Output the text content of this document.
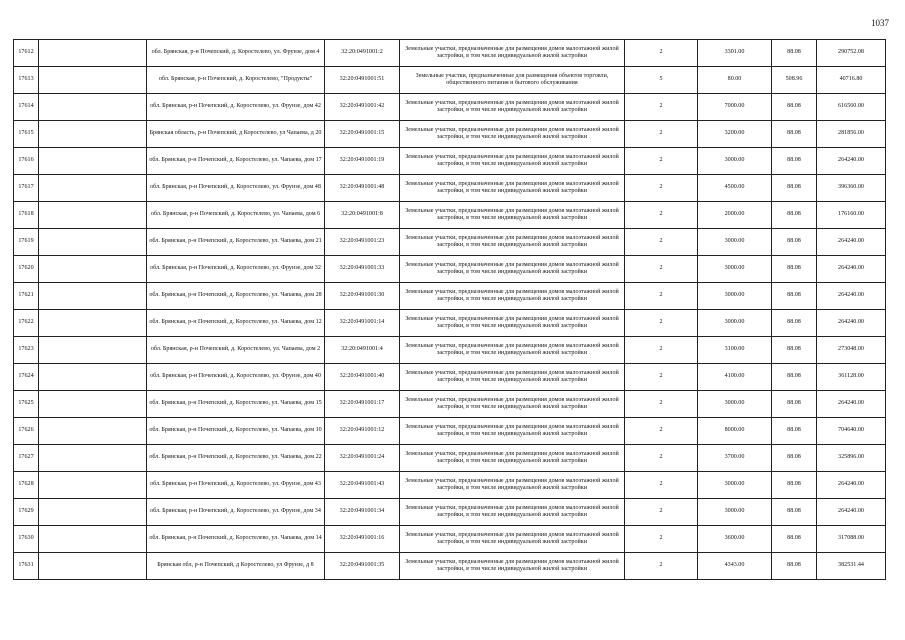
1037
17612		обл. Брянская, р-н Почепский, д. Коростелево, ул. Фрунзе, дом 4	32:20:0491001:2	Земельные участки, предназначенные для размещения домов малоэтажной жилой застройки, в том числе индивидуальной жилой застройки	2	3301.00	88.08	290752.08
17613		обл. Брянская, р-н Почепский, д. Коростелево, "Продукты"	32:20:0491001:51	Земельные участки, предназначенные для размещения объектов торговли, общественного питания и бытового обслуживания	5	80.00	508.96	40716.80
17614		обл. Брянская, р-н Почепский, д. Коростелево, ул. Фрунзе, дом 42	32:20:0491001:42	Земельные участки, предназначенные для размещения домов малоэтажной жилой застройки, в том числе индивидуальной жилой застройки	2	7000.00	88.08	616560.00
17615		Брянская область, р-н Почепский, д Коростелево, ул Чапаева, д 20	32:20:0491001:15	Земельные участки, предназначенные для размещения домов малоэтажной жилой застройки, в том числе индивидуальной жилой застройки	2	3200.00	88.08	281856.00
17616		обл. Брянская, р-н Почепский, д. Коростелево, ул. Чапаева, дом 17	32:20:0491001:19	Земельные участки, предназначенные для размещения домов малоэтажной жилой застройки, в том числе индивидуальной жилой застройки	2	3000.00	88.08	264240.00
17617		обл. Брянская, р-н Почепский, д. Коростелево, ул. Фрунзе, дом 48	32:20:0491001:48	Земельные участки, предназначенные для размещения домов малоэтажной жилой застройки, в том числе индивидуальной жилой застройки	2	4500.00	88.08	396360.00
17618		обл. Брянская, р-н Почепский, д. Коростелево, ул. Чапаева, дом 6	32:20:0491001:8	Земельные участки, предназначенные для размещения домов малоэтажной жилой застройки, в том числе индивидуальной жилой застройки	2	2000.00	88.08	176160.00
17619		обл. Брянская, р-н Почепский, д. Коростелево, ул. Чапаева, дом 21	32:20:0491001:23	Земельные участки, предназначенные для размещения домов малоэтажной жилой застройки, в том числе индивидуальной жилой застройки	2	3000.00	88.08	264240.00
17620		обл. Брянская, р-н Почепский, д. Коростелево, ул. Фрунзе, дом 32	32:20:0491001:33	Земельные участки, предназначенные для размещения домов малоэтажной жилой застройки, в том числе индивидуальной жилой застройки	2	3000.00	88.08	264240.00
17621		обл. Брянская, р-н Почепский, д. Коростелево, ул. Чапаева, дом 28	32:20:0491001:30	Земельные участки, предназначенные для размещения домов малоэтажной жилой застройки, в том числе индивидуальной жилой застройки	2	3000.00	88.08	264240.00
17622		обл. Брянская, р-н Почепский, д. Коростелево, ул. Чапаева, дом 12	32:20:0491001:14	Земельные участки, предназначенные для размещения домов малоэтажной жилой застройки, в том числе индивидуальной жилой застройки	2	3000.00	88.08	264240.00
17623		обл. Брянская, р-н Почепский, д. Коростелево, ул. Чапаева, дом 2	32:20:0491001:4	Земельные участки, предназначенные для размещения домов малоэтажной жилой застройки, в том числе индивидуальной жилой застройки	2	3100.00	88.08	273048.00
17624		обл. Брянская, р-н Почепский, д. Коростелево, ул. Фрунзе, дом 40	32:20:0491001:40	Земельные участки, предназначенные для размещения домов малоэтажной жилой застройки, в том числе индивидуальной жилой застройки	2	4100.00	88.08	361128.00
17625		обл. Брянская, р-н Почепский, д. Коростелево, ул. Чапаева, дом 15	32:20:0491001:17	Земельные участки, предназначенные для размещения домов малоэтажной жилой застройки, в том числе индивидуальной жилой застройки	2	3000.00	88.08	264240.00
17626		обл. Брянская, р-н Почепский, д. Коростелево, ул. Чапаева, дом 10	32:20:0491001:12	Земельные участки, предназначенные для размещения домов малоэтажной жилой застройки, в том числе индивидуальной жилой застройки	2	8000.00	88.08	704640.00
17627		обл. Брянская, р-н Почепский, д. Коростелево, ул. Чапаева, дом 22	32:20:0491001:24	Земельные участки, предназначенные для размещения домов малоэтажной жилой застройки, в том числе индивидуальной жилой застройки	2	3700.00	88.08	325896.00
17628		обл. Брянская, р-н Почепский, д. Коростелево, ул. Фрунзе, дом 43	32:20:0491001:43	Земельные участки, предназначенные для размещения домов малоэтажной жилой застройки, в том числе индивидуальной жилой застройки	2	3000.00	88.08	264240.00
17629		обл. Брянская, р-н Почепский, д. Коростелево, ул. Фрунзе, дом 34	32:20:0491001:34	Земельные участки, предназначенные для размещения домов малоэтажной жилой застройки, в том числе индивидуальной жилой застройки	2	3000.00	88.08	264240.00
17630		обл. Брянская, р-н Почепский, д. Коростелево, ул. Чапаева, дом 14	32:20:0491001:16	Земельные участки, предназначенные для размещения домов малоэтажной жилой застройки, в том числе индивидуальной жилой застройки	2	3600.00	88.08	317088.00
17631		Брянская обл, р-н Почепский, д Коростелево, ул Фрунзе, д 8	32:20:0491001:35	Земельные участки, предназначенные для размещения домов малоэтажной жилой застройки, в том числе индивидуальной жилой застройки	2	4343.00	88.08	382531.44
